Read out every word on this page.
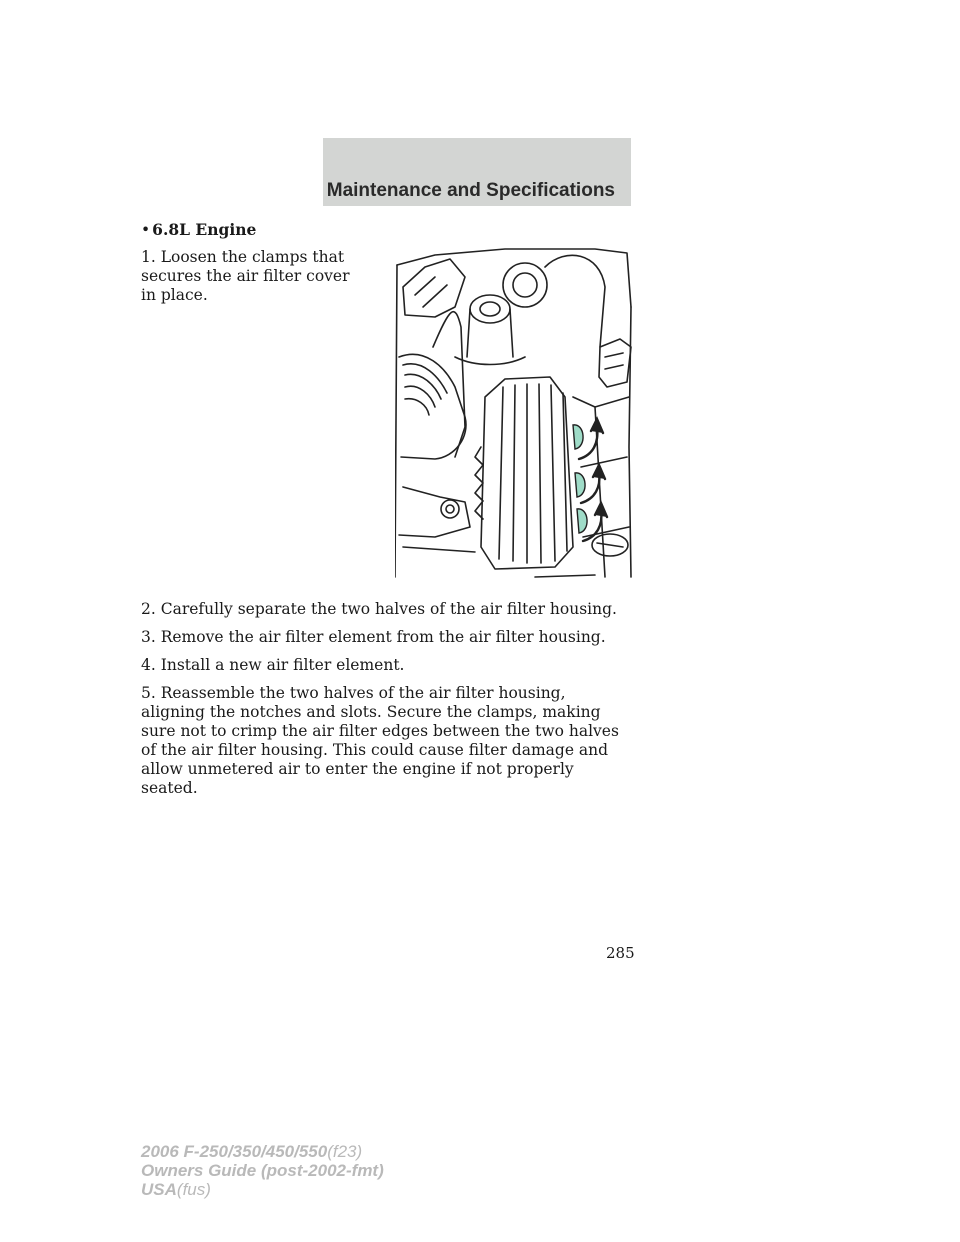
Maintenance and Specifications
• 6.8L Engine
1. Loosen the clamps that secures the air filter cover in place.
2. Carefully separate the two halves of the air filter housing.
3. Remove the air filter element from the air filter housing.
4. Install a new air filter element.
5. Reassemble the two halves of the air filter housing, aligning the notches and slots. Secure the clamps, making sure not to crimp the air filter edges between the two halves of the air filter housing. This could cause filter damage and allow unmetered air to enter the engine if not properly seated.
285
2006 F-250/350/450/550(f23)
Owners Guide (post-2002-fmt)
USA(fus)
